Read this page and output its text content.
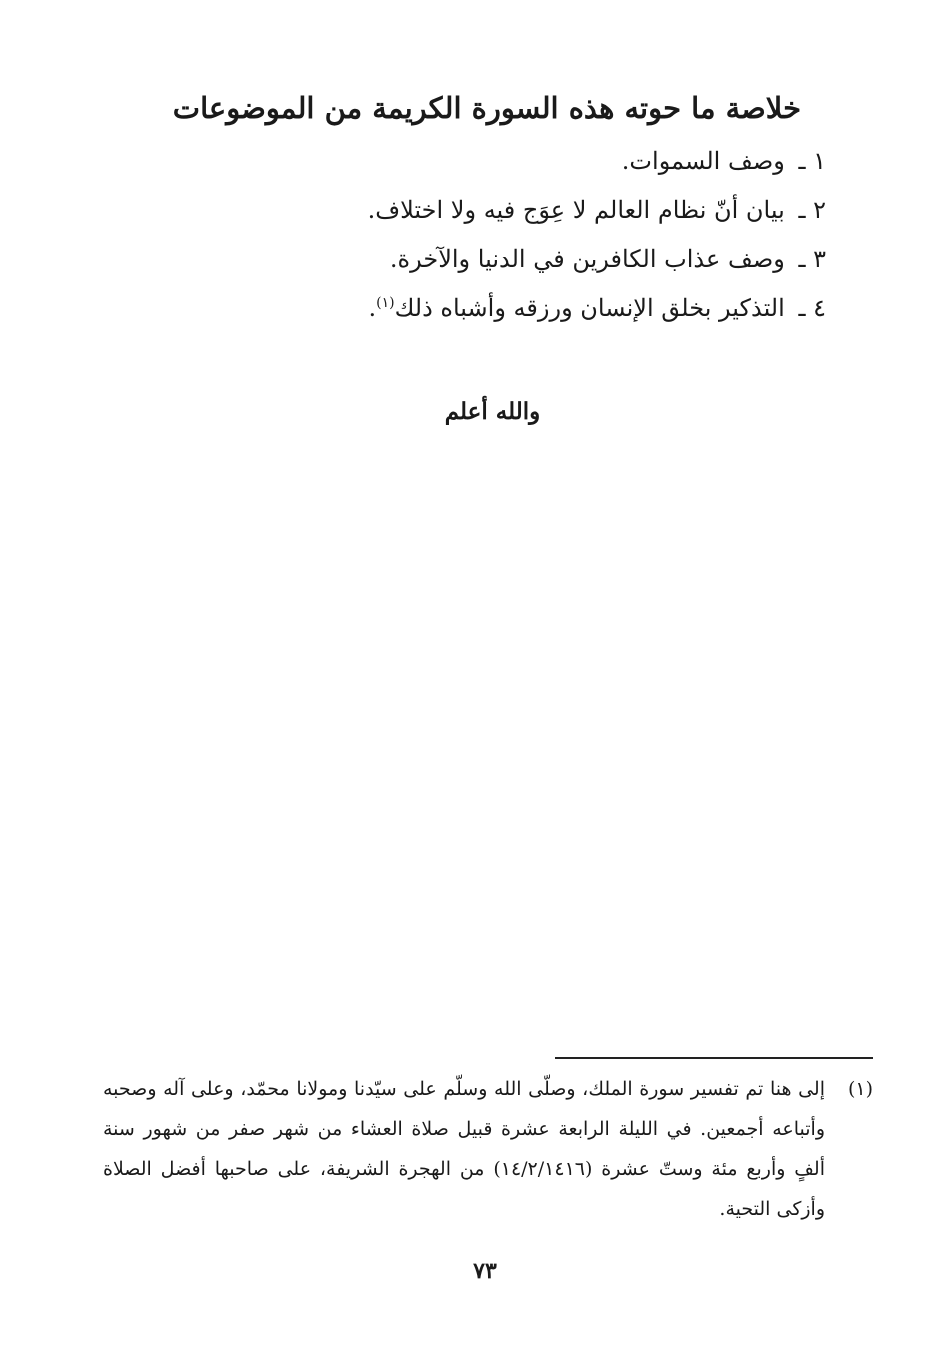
خلاصة ما حوته هذه السورة الكريمة من الموضوعات
١ ـ وصف السموات.
٢ ـ بيان أنّ نظام العالم لا عِوَج فيه ولا اختلاف.
٣ ـ وصف عذاب الكافرين في الدنيا والآخرة.
٤ ـ التذكير بخلق الإنسان ورزقه وأشباه ذلك$^{(١)}$.
والله أعلم
(١)
إلى هنا تم تفسير سورة الملك، وصلّى الله وسلّم على سيّدنا ومولانا محمّد، وعلى آله وصحبه وأتباعه أجمعين. في الليلة الرابعة عشرة قبيل صلاة العشاء من شهر صفر من شهور سنة ألفٍ وأربع مئة وستّ عشرة (١٤/٢/١٤١٦) من الهجرة الشريفة، على صاحبها أفضل الصلاة وأزكى التحية.
٧٣
